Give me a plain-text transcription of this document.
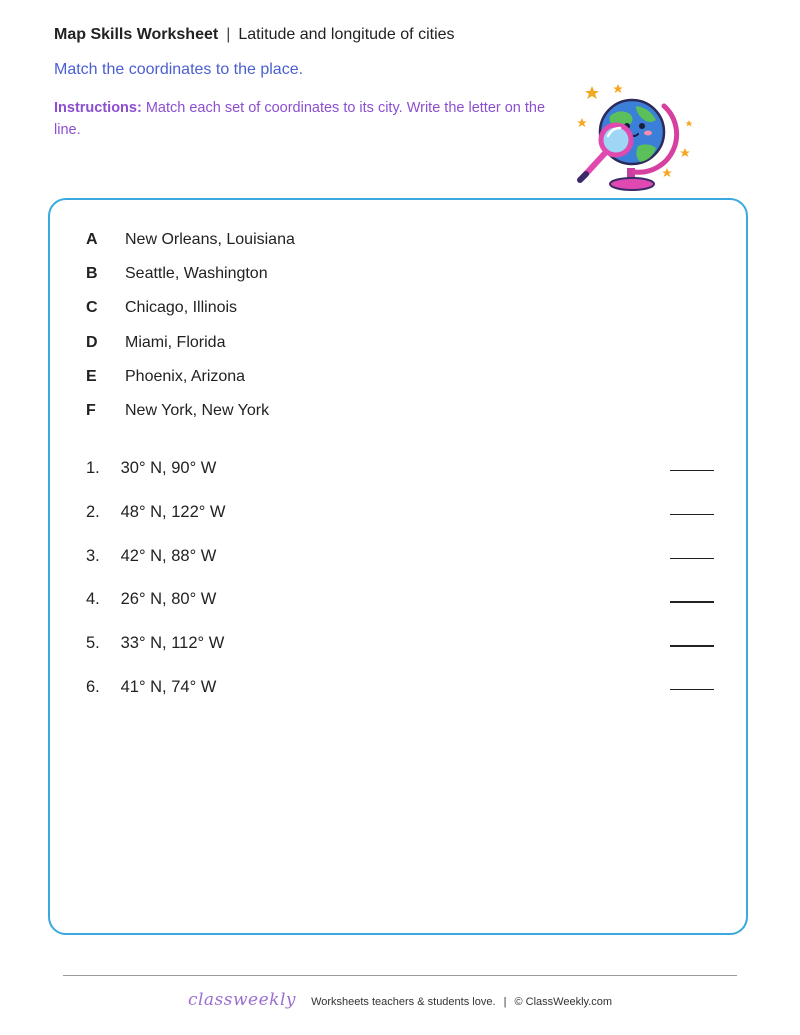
Map Skills Worksheet | Latitude and longitude of cities
Match the coordinates to the place.
Instructions: Match each set of coordinates to its city. Write the letter on the line.
A	New Orleans, Louisiana
B	Seattle, Washington
C	Chicago, Illinois
D	Miami, Florida
E	Phoenix, Arizona
F	New York, New York
1. 30° N, 90° W
2. 48° N, 122° W
3. 42° N, 88° W
4. 26° N, 80° W
5. 33° N, 112° W
6. 41° N, 74° W
classweekly Worksheets teachers & students love. | © ClassWeekly.com
